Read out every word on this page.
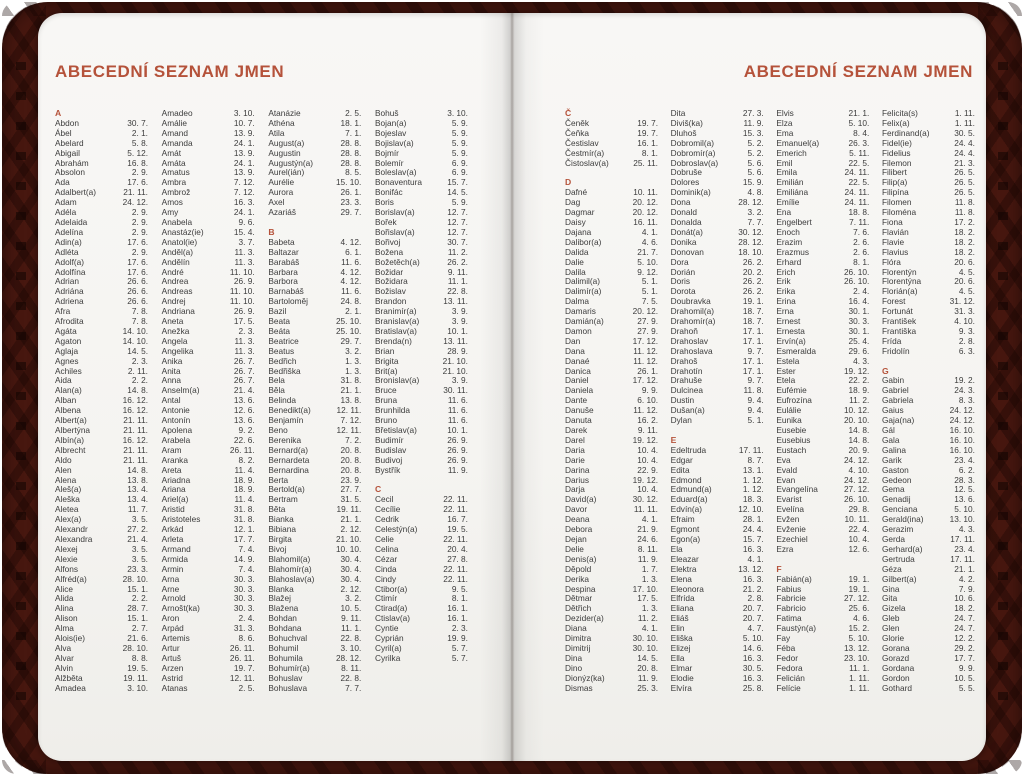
ABECEDNÍ SEZNAM JMEN
A
Abdon	30. 7.
Ábel	2. 1.
Abelard	5. 8.
Abigail	5. 12.
Abrahám	16. 8.
Absolon	2. 9.
Ada	17. 6.
Adalbert(a)	21. 11.
Adam	24. 12.
Adéla	2. 9.
Adelaida	2. 9.
Adelína	2. 9.
Adin(a)	17. 6.
Adléta	2. 9.
Adolf(a)	17. 6.
Adolfína	17. 6.
Adrian	26. 6.
Adriána	26. 6.
Adriena	26. 6.
Afra	7. 8.
Afrodita	7. 8.
Agáta	14. 10.
Agaton	14. 10.
Aglaja	14. 5.
Agnes	2. 3.
Achiles	2. 11.
Aida	2. 2.
Alan(a)	14. 8.
Alban	16. 12.
Albena	16. 12.
Albert(a)	21. 11.
Albertýna	21. 11.
Albín(a)	16. 12.
Albrecht	21. 11.
Aldo	21. 11.
Alen	14. 8.
Alena	13. 8.
Aleš(a)	13. 4.
Aleška	13. 4.
Aletea	11. 7.
Alex(a)	3. 5.
Alexandr	27. 2.
Alexandra	21. 4.
Alexej	3. 5.
Alexie	3. 5.
Alfons	23. 3.
Alfréd(a)	28. 10.
Alice	15. 1.
Alida	2. 2.
Alina	28. 7.
Alison	15. 1.
Alma	2. 7.
Alois(ie)	21. 6.
Alva	28. 10.
Alvar	8. 8.
Alvin	19. 5.
Alžběta	19. 11.
Amadea	3. 10.
Amadeo	3. 10.
Amálie	10. 7.
Amand	13. 9.
Amanda	24. 1.
Amát	13. 9.
Amáta	24. 1.
Amatus	13. 9.
Ambra	7. 12.
Ambrož	7. 12.
Amos	16. 3.
Amy	24. 1.
Anabela	9. 6.
Anastáz(ie)	15. 4.
Anatol(ie)	3. 7.
Anděl(a)	11. 3.
Andělín	11. 3.
André	11. 10.
Andrea	26. 9.
Andreas	11. 10.
Andrej	11. 10.
Andriana	26. 9.
Aneta	17. 5.
Anežka	2. 3.
Angela	11. 3.
Angelika	11. 3.
Anika	26. 7.
Anita	26. 7.
Anna	26. 7.
Anselm(a)	21. 4.
Antal	13. 6.
Antonie	12. 6.
Antonín	13. 6.
Apolena	9. 2.
Arabela	22. 6.
Aram	26. 11.
Aranka	8. 2.
Areta	11. 4.
Ariadna	18. 9.
Ariana	18. 9.
Ariel(a)	11. 4.
Aristid	31. 8.
Aristoteles	31. 8.
Arkád	12. 1.
Arleta	17. 7.
Armand	7. 4.
Armida	14. 9.
Armin	7. 4.
Arna	30. 3.
Arne	30. 3.
Arnold	30. 3.
Arnošt(ka)	30. 3.
Aron	2. 4.
Arpád	31. 3.
Artemis	8. 6.
Artur	26. 11.
Artuš	26. 11.
Arzen	19. 7.
Astrid	12. 11.
Atanas	2. 5.
Atanázie	2. 5.
Athéna	18. 1.
Atila	7. 1.
August(a)	28. 8.
Augustin	28. 8.
Augustýn(a)	28. 8.
Aurel(ián)	8. 5.
Aurélie	15. 10.
Aurora	26. 1.
Axel	23. 3.
Azariáš	29. 7.
B
Babeta	4. 12.
Baltazar	6. 1.
Barabáš	11. 6.
Barbara	4. 12.
Barbora	4. 12.
Barnabáš	11. 6.
Bartoloměj	24. 8.
Bazil	2. 1.
Beata	25. 10.
Beáta	25. 10.
Beatrice	29. 7.
Beatus	3. 2.
Bedřich	1. 3.
Bedřiška	1. 3.
Bela	31. 8.
Běla	21. 1.
Belinda	13. 8.
Benedikt(a)	12. 11.
Benjamín	7. 12.
Beno	12. 11.
Berenika	7. 2.
Bernard(a)	20. 8.
Bernardeta	20. 8.
Bernardina	20. 8.
Berta	23. 9.
Bertold(a)	27. 7.
Bertram	31. 5.
Běta	19. 11.
Bianka	21. 1.
Bibiana	2. 12.
Birgita	21. 10.
Bivoj	10. 10.
Blahomil(a)	30. 4.
Blahomír(a)	30. 4.
Blahoslav(a)	30. 4.
Blanka	2. 12.
Blažej	3. 2.
Blažena	10. 5.
Bohdan	9. 11.
Bohdana	11. 1.
Bohuchval	22. 8.
Bohumil	3. 10.
Bohumila	28. 12.
Bohumír(a)	8. 11.
Bohuslav	22. 8.
Bohuslava	7. 7.
Bohuš	3. 10.
Bojan(a)	5. 9.
Bojeslav	5. 9.
Bojislav(a)	5. 9.
Bojmír	5. 9.
Bolemír	6. 9.
Boleslav(a)	6. 9.
Bonaventura	15. 7.
Bonifác	14. 5.
Boris	5. 9.
Borislav(a)	12. 7.
Bořek	12. 7.
Bořislav(a)	12. 7.
Bořivoj	30. 7.
Božena	11. 2.
Božetěch(a)	26. 2.
Božidar	9. 11.
Božidara	11. 1.
Božislav	22. 8.
Brandon	13. 11.
Branimír(a)	3. 9.
Branislav(a)	3. 9.
Bratislav(a)	10. 1.
Brenda(n)	13. 11.
Brian	28. 9.
Brigita	21. 10.
Brit(a)	21. 10.
Bronislav(a)	3. 9.
Bruce	30. 11.
Bruna	11. 6.
Brunhilda	11. 6.
Bruno	11. 6.
Břetislav(a)	10. 1.
Budimír	26. 9.
Budislav	26. 9.
Budivoj	26. 9.
Bystřík	11. 9.
C
Cecil	22. 11.
Cecílie	22. 11.
Cedrik	16. 7.
Celestýn(a)	19. 5.
Celie	22. 11.
Celina	20. 4.
Cézar	27. 8.
Cinda	22. 11.
Cindy	22. 11.
Ctibor(a)	9. 5.
Ctimír	8. 1.
Ctirad(a)	16. 1.
Ctislav(a)	16. 1.
Cyntie	2. 3.
Cyprián	19. 9.
Cyril(a)	5. 7.
Cyrilka	5. 7.
ABECEDNÍ SEZNAM JMEN
Č
Čeněk	19. 7.
Čeňka	19. 7.
Čestislav	16. 1.
Čestmír(a)	8. 1.
Čistoslav(a)	25. 11.
D
Dafné	10. 11.
Dag	20. 12.
Dagmar	20. 12.
Daisy	16. 11.
Dajana	4. 1.
Dalibor(a)	4. 6.
Dalida	21. 7.
Dalie	5. 10.
Dalila	9. 12.
Dalimil(a)	5. 1.
Dalimír(a)	5. 1.
Dalma	7. 5.
Damaris	20. 12.
Damián(a)	27. 9.
Damon	27. 9.
Dan	17. 12.
Dana	11. 12.
Danaé	11. 12.
Danica	26. 1.
Daniel	17. 12.
Daniela	9. 9.
Dante	6. 10.
Danuše	11. 12.
Danuta	16. 2.
Darek	9. 11.
Darel	19. 12.
Daria	10. 4.
Darie	10. 4.
Darina	22. 9.
Darius	19. 12.
Darja	10. 4.
David(a)	30. 12.
Davor	11. 11.
Deana	4. 1.
Debora	21. 9.
Dejan	24. 6.
Delie	8. 11.
Denis(a)	11. 9.
Děpold	1. 7.
Derika	1. 3.
Despina	17. 10.
Dětmar	17. 5.
Dětřich	1. 3.
Dezider(a)	11. 2.
Diana	4. 1.
Dimitra	30. 10.
Dimitrij	30. 10.
Dina	14. 5.
Dino	20. 8.
Dionýz(ka)	11. 9.
Dismas	25. 3.
Dita	27. 3.
Diviš(ka)	11. 9.
Dluhoš	15. 3.
Dobromil(a)	5. 2.
Dobromír(a)	5. 2.
Dobroslav(a)	5. 6.
Dobruše	5. 6.
Dolores	15. 9.
Dominik(a)	4. 8.
Dona	28. 12.
Donald	3. 2.
Donalda	7. 7.
Donát(a)	30. 12.
Donika	28. 12.
Donovan	18. 10.
Dora	26. 2.
Dorián	20. 2.
Doris	26. 2.
Dorota	26. 2.
Doubravka	19. 1.
Drahomil(a)	18. 7.
Drahomír(a)	18. 7.
Drahoň	17. 1.
Drahoslav	17. 1.
Drahoslava	9. 7.
Drahoš	17. 1.
Drahotín	17. 1.
Drahuše	9. 7.
Dulcinea	11. 8.
Dustin	9. 4.
Dušan(a)	9. 4.
Dylan	5. 1.
E
Edeltruda	17. 11.
Edgar	8. 7.
Edita	13. 1.
Edmond	1. 12.
Edmund(a)	1. 12.
Eduard(a)	18. 3.
Edvín(a)	12. 10.
Efraim	28. 1.
Egmont	24. 4.
Egon(a)	15. 7.
Ela	16. 3.
Eleazar	4. 1.
Elektra	13. 12.
Elena	16. 3.
Eleonora	21. 2.
Elfrída	2. 8.
Eliana	20. 7.
Eliáš	20. 7.
Elin	4. 7.
Eliška	5. 10.
Elizej	14. 6.
Ella	16. 3.
Elmar	30. 5.
Elodie	16. 3.
Elvíra	25. 8.
Elvis	21. 1.
Elza	5. 10.
Ema	8. 4.
Emanuel(a)	26. 3.
Emerich	5. 11.
Emil	22. 5.
Emila	24. 11.
Emilián	22. 5.
Emiliána	24. 11.
Emílie	24. 11.
Ena	18. 8.
Engelbert	7. 11.
Enoch	7. 6.
Erazim	2. 6.
Erazmus	2. 6.
Erhard	8. 1.
Erich	26. 10.
Erik	26. 10.
Erika	2. 4.
Erina	16. 4.
Erna	30. 1.
Ernest	30. 3.
Ernesta	30. 1.
Ervín(a)	25. 4.
Esmeralda	29. 6.
Estela	4. 3.
Ester	19. 12.
Etela	22. 2.
Eufémie	18. 9.
Eufrozína	11. 2.
Eulálie	10. 12.
Eunika	20. 10.
Eusebie	14. 8.
Eusebius	14. 8.
Eustach	20. 9.
Eva	24. 12.
Evald	4. 10.
Evan	24. 12.
Evangelína	27. 12.
Evarist	26. 10.
Evelína	29. 8.
Evžen	10. 11.
Evženie	22. 4.
Ezechiel	10. 4.
Ezra	12. 6.
F
Fabián(a)	19. 1.
Fabius	19. 1.
Fabricie	27. 12.
Fabricio	25. 6.
Fatima	4. 6.
Faustýn(a)	15. 2.
Fay	5. 10.
Féba	13. 12.
Fedor	23. 10.
Fedora	11. 1.
Felicián	1. 11.
Felície	1. 11.
Felicita(s)	1. 11.
Felix(a)	1. 11.
Ferdinand(a)	30. 5.
Fidel(ie)	24. 4.
Fidelius	24. 4.
Filemon	21. 3.
Filibert	26. 5.
Filip(a)	26. 5.
Filipína	26. 5.
Filomen	11. 8.
Filoména	11. 8.
Fiona	17. 2.
Flavián	18. 2.
Flavie	18. 2.
Flavius	18. 2.
Flóra	20. 6.
Florentýn	4. 5.
Florentýna	20. 6.
Florián(a)	4. 5.
Forest	31. 12.
Fortunát	31. 3.
František	4. 10.
Františka	9. 3.
Frída	2. 8.
Fridolín	6. 3.
G
Gabin	19. 2.
Gabriel	24. 3.
Gabriela	8. 3.
Gaius	24. 12.
Gaja(na)	24. 12.
Gál	16. 10.
Gala	16. 10.
Galina	16. 10.
Garik	23. 4.
Gaston	6. 2.
Gedeon	28. 3.
Gema	12. 5.
Genadij	13. 6.
Genciana	5. 10.
Gerald(ina)	13. 10.
Gerazim	4. 3.
Gerda	17. 11.
Gerhard(a)	23. 4.
Gertruda	17. 11.
Géza	21. 1.
Gilbert(a)	4. 2.
Gina	7. 9.
Gita	10. 6.
Gizela	18. 2.
Gleb	24. 7.
Glen	24. 7.
Glorie	12. 2.
Gorana	29. 2.
Gorazd	17. 7.
Gordana	9. 9.
Gordon	10. 5.
Gothard	5. 5.
